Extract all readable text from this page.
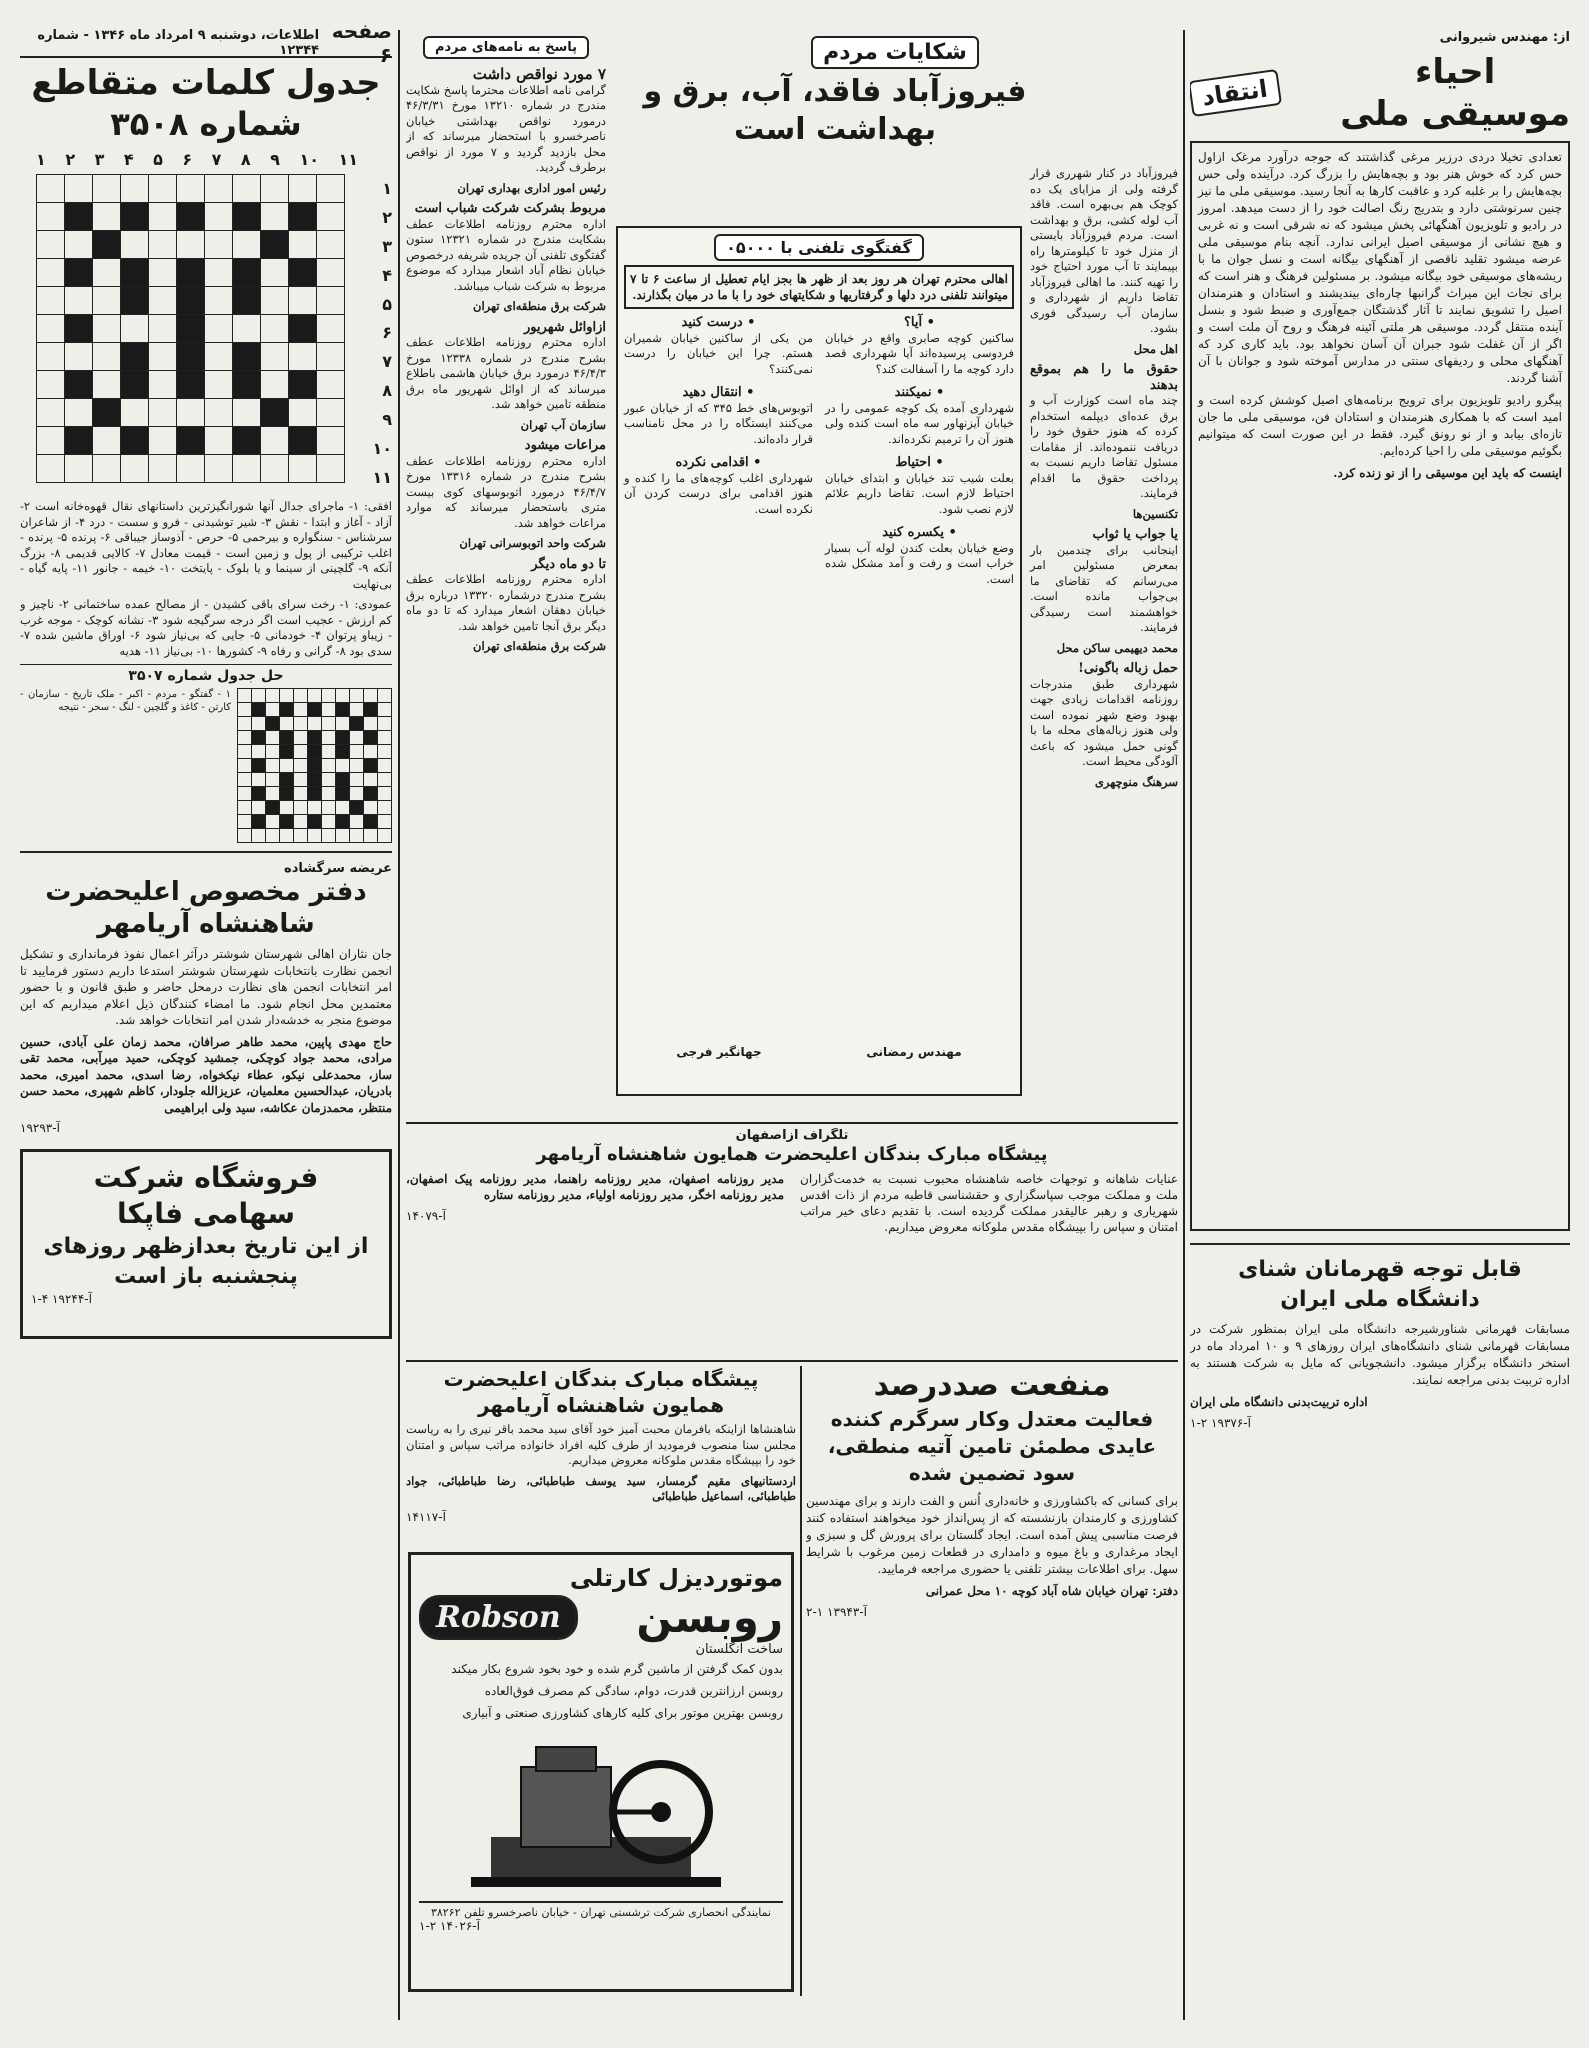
صفحه ۶
اطلاعات، دوشنبه ۹ امرداد ماه ۱۳۴۶ - شماره ۱۲۳۴۴
جدول کلمات متقاطع
شماره ۳۵۰۸
۱۱
۱۰
۹
۸
۷
۶
۵
۴
۳
۲
۱
۱
۲
۳
۴
۵
۶
۷
۸
۹
۱۰
۱۱

افقی: ۱- ماجرای جدال آنها شورانگیزترین داستانهای نقال قهوه‌خانه است ۲- آزاد - آغاز و ابتدا - نقش ۳- شیر توشیدنی - فرو و سست - درد ۴- از شاعران سرشناس - سنگواره و بیرحمی ۵- حرص - آذوساز جیباقی ۶- پرنده ۵- پرنده - اغلب ترکیبی از پول و زمین است - قیمت معادل ۷- کالایی قدیمی ۸- بزرگ آنکه ۹- گلچینی از سینما و یا بلوک - پایتخت ۱۰- خیمه - جانور ۱۱- پایه گیاه - بی‌نهایت

عمودی: ۱- رخت سرای باقی کشیدن - از مصالح عمده ساختمانی ۲- ناچیز و کم ارزش - عجیب است اگر درجه سرگیجه شود ۳- نشانه کوچک - موجه غرب - زیباو پرتوان ۴- خودمانی ۵- جایی که بی‌نیاز شود ۶- اوراق ماشین شده ۷- سدی بود ۸- گرانی و رفاه ۹- کشورها ۱۰- بی‌نیاز ۱۱- هدیه

حل جدول شماره ۳۵۰۷

۱ - گفتگو - مردم - اکبر - ملک تاریخ - سازمان - کارتن - کاغذ و گلچین - لنگ - سحر - نتیجه

عریضه سرگشاده
دفتر مخصوص اعلیحضرت
شاهنشاه آریامهر

جان نثاران اهالی شهرستان شوشتر درآثر اعمال نفوذ فرمانداری و تشکیل انجمن نظارت بانتخابات شهرستان شوشتر استدعا داریم دستور فرمایید تا امر انتخابات انجمن های نظارت درمحل حاضر و طبق قانون و با حضور معتمدین محل انجام شود. ما امضاء کنندگان ذیل اعلام میداریم که این موضوع منجر به خدشه‌دار شدن امر انتخابات خواهد شد.

حاج مهدی پاپین، محمد طاهر صرافان، محمد زمان علی آبادی، حسین مرادی، محمد جواد کوچکی، جمشید کوچکی، حمید میرآبی، محمد تقی ساز، محمدعلی نیکو، عطاء نیکخواه، رضا اسدی، محمد امیری، محمد بادریان، عبدالحسین معلمیان، عزیزالله جلودار، کاظم شهپری، محمد حسن منتظر، محمدزمان عکاشه، سید ولی ابراهیمی

آ-۱۹۲۹۳
فروشگاه شرکت
سهامی فاپکا
از این تاریخ بعدازظهر روزهای
پنجشنبه باز است
۱-۴ آ-۱۹۲۴۴
پاسخ به نامه‌های مردم
۷ مورد نواقص داشت

گرامی نامه اطلاعات محترما پاسخ شکایت مندرج در شماره ۱۳۲۱۰ مورخ ۴۶/۳/۳۱ درمورد نواقص بهداشتی خیابان ناصرخسرو با استحضار میرساند که از محل بازدید گردید و ۷ مورد از نواقص برطرف گردید.

رئیس امور اداری بهداری تهران

مربوط بشرکت شرکت شباب است

اداره محترم روزنامه اطلاعات عطف بشکایت مندرج در شماره ۱۲۳۲۱ ستون گفتگوی تلفنی آن جریده شریفه درخصوص خیابان نظام آباد اشعار میدارد که موضوع مربوط به شرکت شباب میباشد.

شرکت برق منطقه‌ای تهران

ازاوائل شهریور

اداره محترم روزنامه اطلاعات عطف بشرح مندرج در شماره ۱۲۳۳۸ مورخ ۴۶/۴/۳ درمورد برق خیابان هاشمی باطلاع میرساند که از اوائل شهریور ماه برق منطقه تامین خواهد شد.

سازمان آب تهران

مراعات میشود

اداره محترم روزنامه اطلاعات عطف بشرح مندرج در شماره ۱۳۳۱۶ مورخ ۴۶/۴/۷ درمورد اتوبوسهای کوی بیست متری باستحضار میرساند که موارد مراعات خواهد شد.

شرکت واحد اتوبوسرانی تهران

تا دو ماه دیگر

اداره محترم روزنامه اطلاعات عطف بشرح مندرج درشماره ۱۳۳۲۰ درباره برق خیابان دهقان اشعار میدارد که تا دو ماه دیگر برق آنجا تامین خواهد شد.

شرکت برق منطقه‌ای تهران

شکایات مردم
فیروزآباد فاقد، آب، برق و بهداشت است

فیروزآباد در کنار شهرری قرار گرفته ولی از مزایای یک ده کوچک هم بی‌بهره است. فاقد آب لوله کشی، برق و بهداشت است. مردم فیروزآباد بایستی از منزل خود تا کیلومترها راه بپیمایند تا آب مورد احتیاج خود را تهیه کنند. ما اهالی فیروزآباد تقاضا داریم از شهرداری و سازمان آب رسیدگی فوری بشود.

اهل محل

حقوق ما را هم بموقع بدهند

چند ماه است کوزارت آب و برق عده‌ای دیپلمه استخدام کرده که هنوز حقوق خود را دریافت ننموده‌اند. از مقامات مسئول تقاضا داریم نسبت به پرداخت حقوق ما اقدام فرمایند.

تکنسین‌ها

یا جواب یا ثواب

اینجانب برای چندمین بار بمعرض مسئولین امر می‌رسانم که تقاضای ما بی‌جواب مانده است. خواهشمند است رسیدگی فرمایند.

محمد دیهیمی ساکن محل

حمل زباله باگونی!

شهرداری طبق مندرجات روزنامه اقدامات زیادی جهت بهبود وضع شهر نموده است ولی هنوز زباله‌های محله ما با گونی حمل میشود که باعث آلودگی محیط است.

سرهنگ منوچهری

گفتگوی تلفنی با ۰۵۰۰۰
اهالی محترم تهران هر روز بعد از ظهر ها بجز ایام تعطیل از ساعت ۶ تا ۷ میتوانند تلفنی درد دلها و گرفتاریها و شکایتهای خود را با ما در میان بگذارند.
• آیا؟

ساکنین کوچه صابری واقع در خیابان فردوسی پرسیده‌اند آیا شهرداری قصد دارد کوچه ما را آسفالت کند؟

• نمیکنند

شهرداری آمده یک کوچه عمومی را در خیابان آیزنهاور سه ماه است کنده ولی هنوز آن را ترمیم نکرده‌اند.

• احتیاط

بعلت شیب تند خیابان و ابتدای خیابان احتیاط لازم است. تقاضا داریم علائم لازم نصب شود.

• یکسره کنید

وضع خیابان بعلت کندن لوله آب بسیار خراب است و رفت و آمد مشکل شده است.

• درست کنید

من یکی از ساکنین خیابان شمیران هستم. چرا این خیابان را درست نمی‌کنند؟

• انتقال دهید

اتوبوس‌های خط ۳۴۵ که از خیابان عبور می‌کنند ایستگاه را در محل نامناسب قرار داده‌اند.

• اقدامی نکرده

شهرداری اغلب کوچه‌های ما را کنده و هنوز اقدامی برای درست کردن آن نکرده است.

مهندس رمضانی
جهانگیر فرجی
تلگراف ازاصفهان
پیشگاه مبارک بندگان اعلیحضرت همایون شاهنشاه آریامهر

عنایات شاهانه و توجهات خاصه شاهنشاه محبوب نسبت به خدمت‌گزاران ملت و مملکت موجب سپاسگزاری و حقشناسی قاطبه مردم از ذات اقدس شهریاری و رهبر عالیقدر مملکت گردیده است. با تقدیم دعای خیر مراتب امتنان و سپاس را بپیشگاه مقدس ملوکانه معروض میداریم.

مدیر روزنامه اصفهان، مدیر روزنامه راهنما، مدیر روزنامه پیک اصفهان، مدیر روزنامه اخگر، مدیر روزنامه اولیاء، مدیر روزنامه ستاره

آ-۱۴۰۷۹
پیشگاه مبارک بندگان اعلیحضرت همایون شاهنشاه آریامهر

شاهنشاها ازاینکه بافرمان محبت آمیز خود آقای سید محمد باقر نیری را به ریاست مجلس سنا منصوب فرمودید از طرف کلیه افراد خانواده مراتب سپاس و امتنان خود را بپیشگاه مقدس ملوکانه معروض میداریم.

اردستانیهای مقیم گرمسار، سید یوسف طباطبائی، رضا طباطبائی، جواد طباطبائی، اسماعیل طباطبائی

آ-۱۴۱۱۷
موتوردیزل کارتلی
Robson	روبسن
ساخت انگلستان

بدون کمک گرفتن از ماشین گرم شده و خود بخود شروع بکار میکند

روبسن ارزانترین قدرت، دوام، سادگی کم مصرف فوق‌العاده

روبسن بهترین موتور برای کلیه کارهای کشاورزی صنعتی و آبیاری

نمایندگی انحصاری شرکت ترشستی تهران - خیابان ناصرخسرو تلفن ۳۸۲۶۲
۱-۲ آ-۱۴۰۲۶
منفعت صددرصد
فعالیت معتدل وکار سرگرم کننده عایدی مطمئن تامین آتیه منطقی، سود تضمین شده

برای کسانی که باکشاورزی و خانه‌داری اُنس و الفت دارند و برای مهندسین کشاورزی و کارمندان بازنشسته که از پس‌انداز خود میخواهند استفاده کنند فرصت مناسبی پیش آمده است. ایجاد گلستان برای پرورش گل و سبزی و ایجاد مرغداری و باغ میوه و دامداری در قطعات زمین مرغوب با شرایط سهل. برای اطلاعات بیشتر تلفنی یا حضوری مراجعه فرمایید.

دفتر: تهران خیابان شاه آباد کوچه ۱۰ محل عمرانی

۲-۱ آ-۱۳۹۴۳
از: مهندس شیروانی
احیاء
موسیقی ملی
انتقاد

تعدادی تخیلا دردی درزیر مرغی گذاشتند که جوجه درآورد مرغک ازاول حس کرد که خوش هنر بود و بچه‌هایش را بزرگ کرد. درآینده ولی حس بچه‌هایش را بر غلبه کرد و عاقبت کارها به آنجا رسید. موسیقی ملی ما نیز چنین سرنوشتی دارد و بتدریج رنگ اصالت خود را از دست میدهد. امروز در رادیو و تلویزیون آهنگهائی پخش میشود که نه شرقی است و نه غربی و هیچ نشانی از موسیقی اصیل ایرانی ندارد. آنچه بنام موسیقی ملی عرضه میشود تقلید ناقصی از آهنگهای بیگانه است و نسل جوان ما با ریشه‌های موسیقی خود بیگانه میشود. بر مسئولین فرهنگ و هنر است که برای نجات این میراث گرانبها چاره‌ای بیندیشند و استادان و هنرمندان اصیل را تشویق نمایند تا آثار گذشتگان جمع‌آوری و ضبط شود و بنسل آینده منتقل گردد. موسیقی هر ملتی آئینه فرهنگ و روح آن ملت است و اگر از آن غفلت شود جبران آن آسان نخواهد بود. باید کاری کرد که آهنگهای محلی و ردیفهای سنتی در مدارس آموخته شود و جوانان با آن آشنا گردند.

پیگرو رادیو تلویزیون برای ترویج برنامه‌های اصیل کوشش کرده است و امید است که با همکاری هنرمندان و استادان فن، موسیقی ملی ما جان تازه‌ای بیابد و از نو رونق گیرد. فقط در این صورت است که میتوانیم بگوئیم موسیقی ملی را احیا کرده‌ایم.

اینست که باید این موسیقی را از نو زنده کرد.

قابل توجه قهرمانان شنای
دانشگاه ملی ایران

مسابقات قهرمانی شناورشیرجه دانشگاه ملی ایران بمنظور شرکت در مسابقات قهرمانی شنای دانشگاه‌های ایران روزهای ۹ و ۱۰ امرداد ماه در استخر دانشگاه برگزار میشود. دانشجویانی که مایل به شرکت هستند به اداره تربیت بدنی مراجعه نمایند.

اداره تربیت‌بدنی دانشگاه ملی ایران

۱-۲ آ-۱۹۳۷۶
